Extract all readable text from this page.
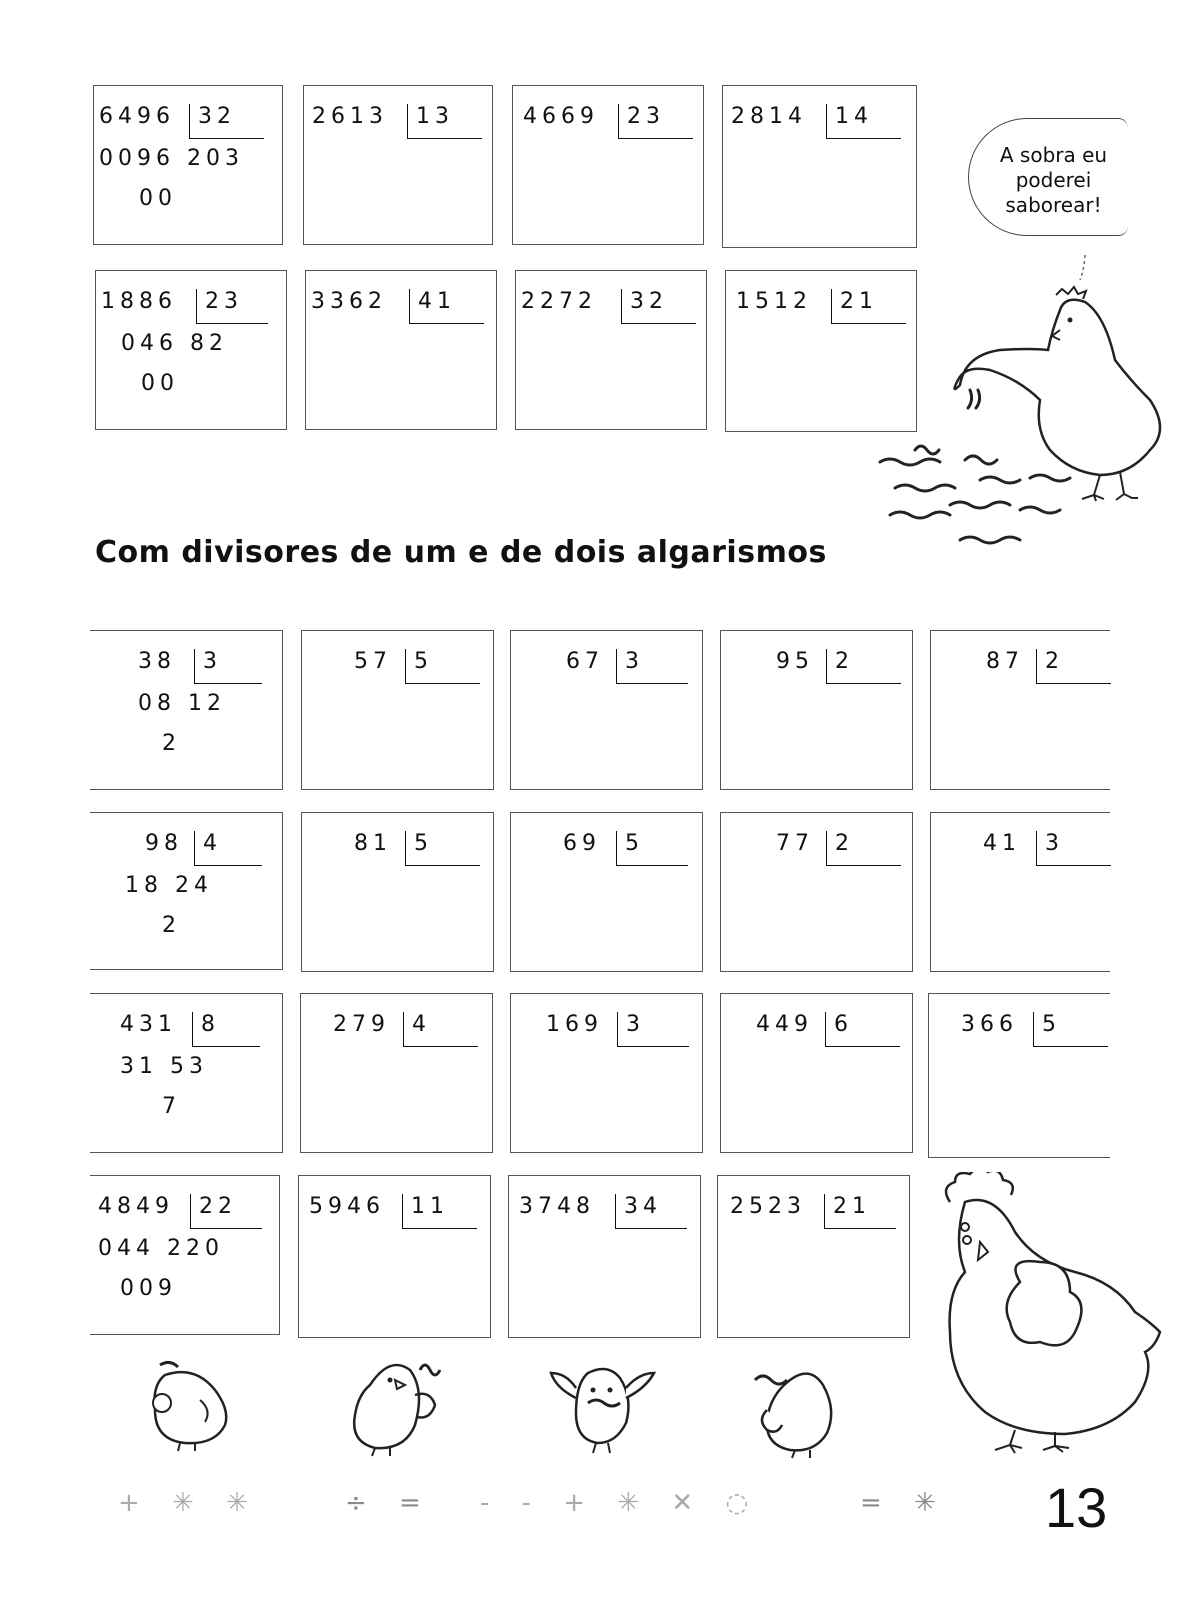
6496	32
0096 203
00
2613	13	4669	23	2814	14
1886	23
046 82
00
3362	41	2272	32	1512	21
A sobra eu
poderei
saborear!
Com divisores de um e de dois algarismos
38	3
08 12
2
57	5	67 3	95 2	87 2
98 4
18 24
2
81	5	69	5	77 2	41	3
431	8
31 53
7
279	4	169	3	449 6	366	5
4849	22
044 220
009
5946	11	3748	34	2523	21
+ ✳ ✳	÷ = - - + ✳ ✕ ◌	= ✳ 13
